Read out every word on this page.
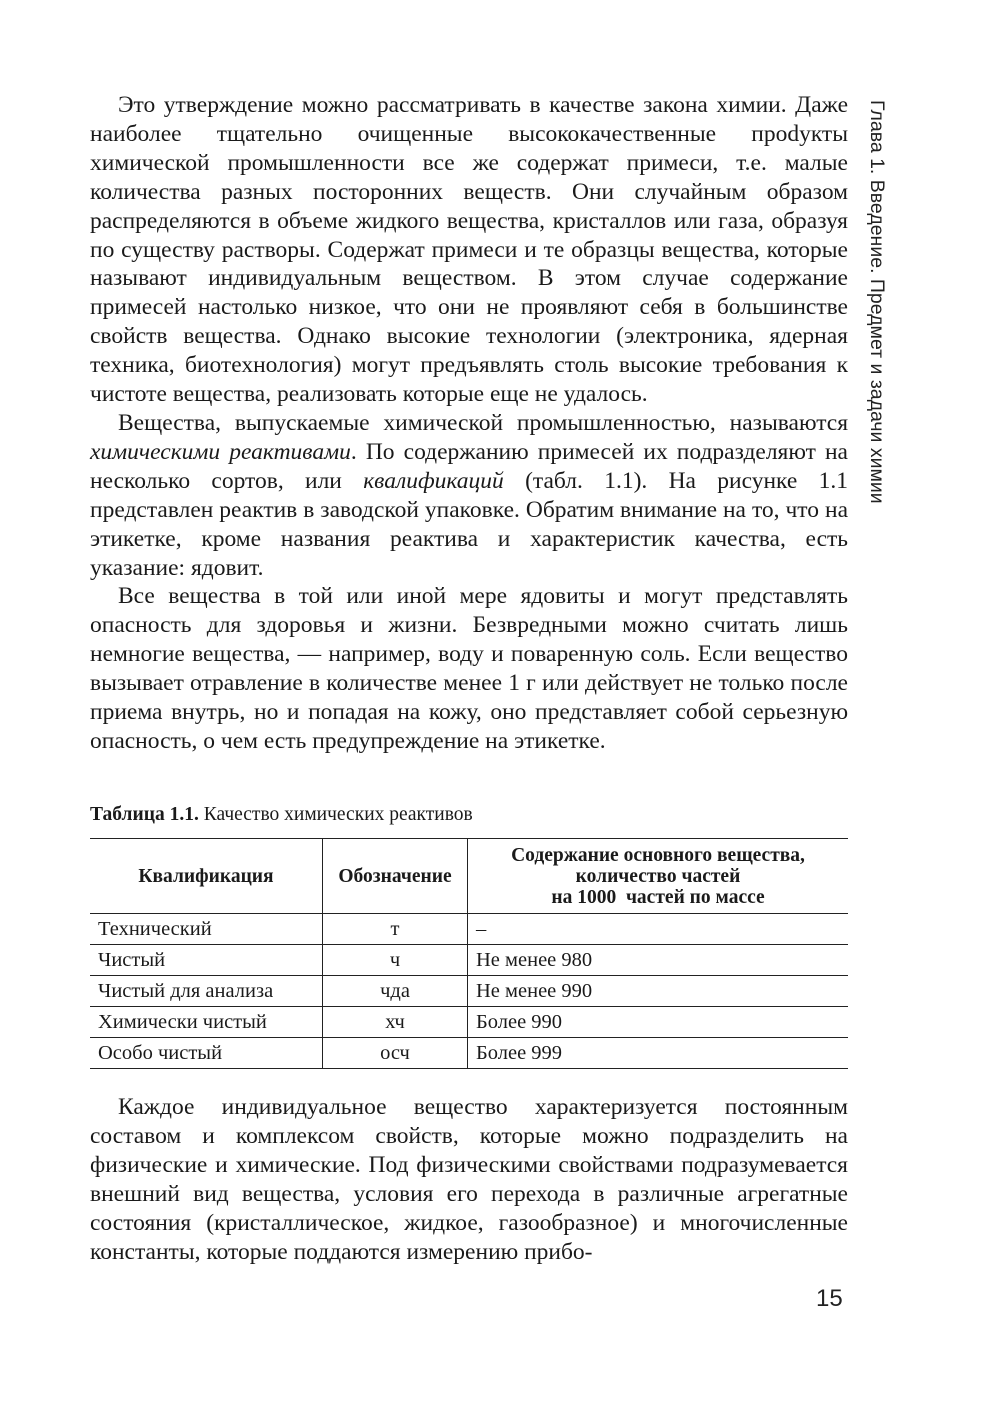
Глава 1. Введение. Предмет и задачи химии

Это утверждение можно рассматривать в качестве закона химии. Даже наиболее тщательно очищенные высококачественные проdукты химической промышленности все же содержат примеси, т.е. малые количества разных посторонних веществ. Они случайным образом распределяются в объеме жидкого вещества, кристаллов или газа, образуя по существу растворы. Содержат примеси и те образцы вещества, которые называют индивидуальным веществом. В этом случае содержание примесей настолько низкое, что они не проявляют себя в большинстве свойств вещества. Однако высокие технологии (электроника, ядерная техника, биотехнология) могут предъявлять столь высокие требования к чистоте вещества, реализовать которые еще не удалось.

Вещества, выпускаемые химической промышленностью, называются химическими реактивами. По содержанию примесей их подразделяют на несколько сортов, или квалификаций (табл. 1.1). На рисунке 1.1 представлен реактив в заводской упаковке. Обратим внимание на то, что на этикетке, кроме названия реактива и характеристик качества, есть указание: ядовит.

Все вещества в той или иной мере ядовиты и могут представлять опасность для здоровья и жизни. Безвредными можно считать лишь немногие вещества, — например, воду и поваренную соль. Если вещество вызывает отравление в количестве менее 1 г или действует не только после приема внутрь, но и попадая на кожу, оно представляет собой серьезную опасность, о чем есть предупреждение на этикетке.

Таблица 1.1. Качество химических реактивов
Квалификация	Обозначение	Содержание основного вещества,
количество частей
на 1000  частей по массе

Технический	т	–
Чистый	ч	Не менее 980
Чистый для анализа	чда	Не менее 990
Химически чистый	хч	Более 990
Особо чистый	осч	Более 999

Каждое индивидуальное вещество характеризуется постоянным составом и комплексом свойств, которые можно подразделить на физические и химические. Под физическими свойствами подразумевается внешний вид вещества, условия его перехода в различные агрегатные состояния (кристаллическое, жидкое, газообразное) и многочисленные константы, которые поддаются измерению прибо-

15
